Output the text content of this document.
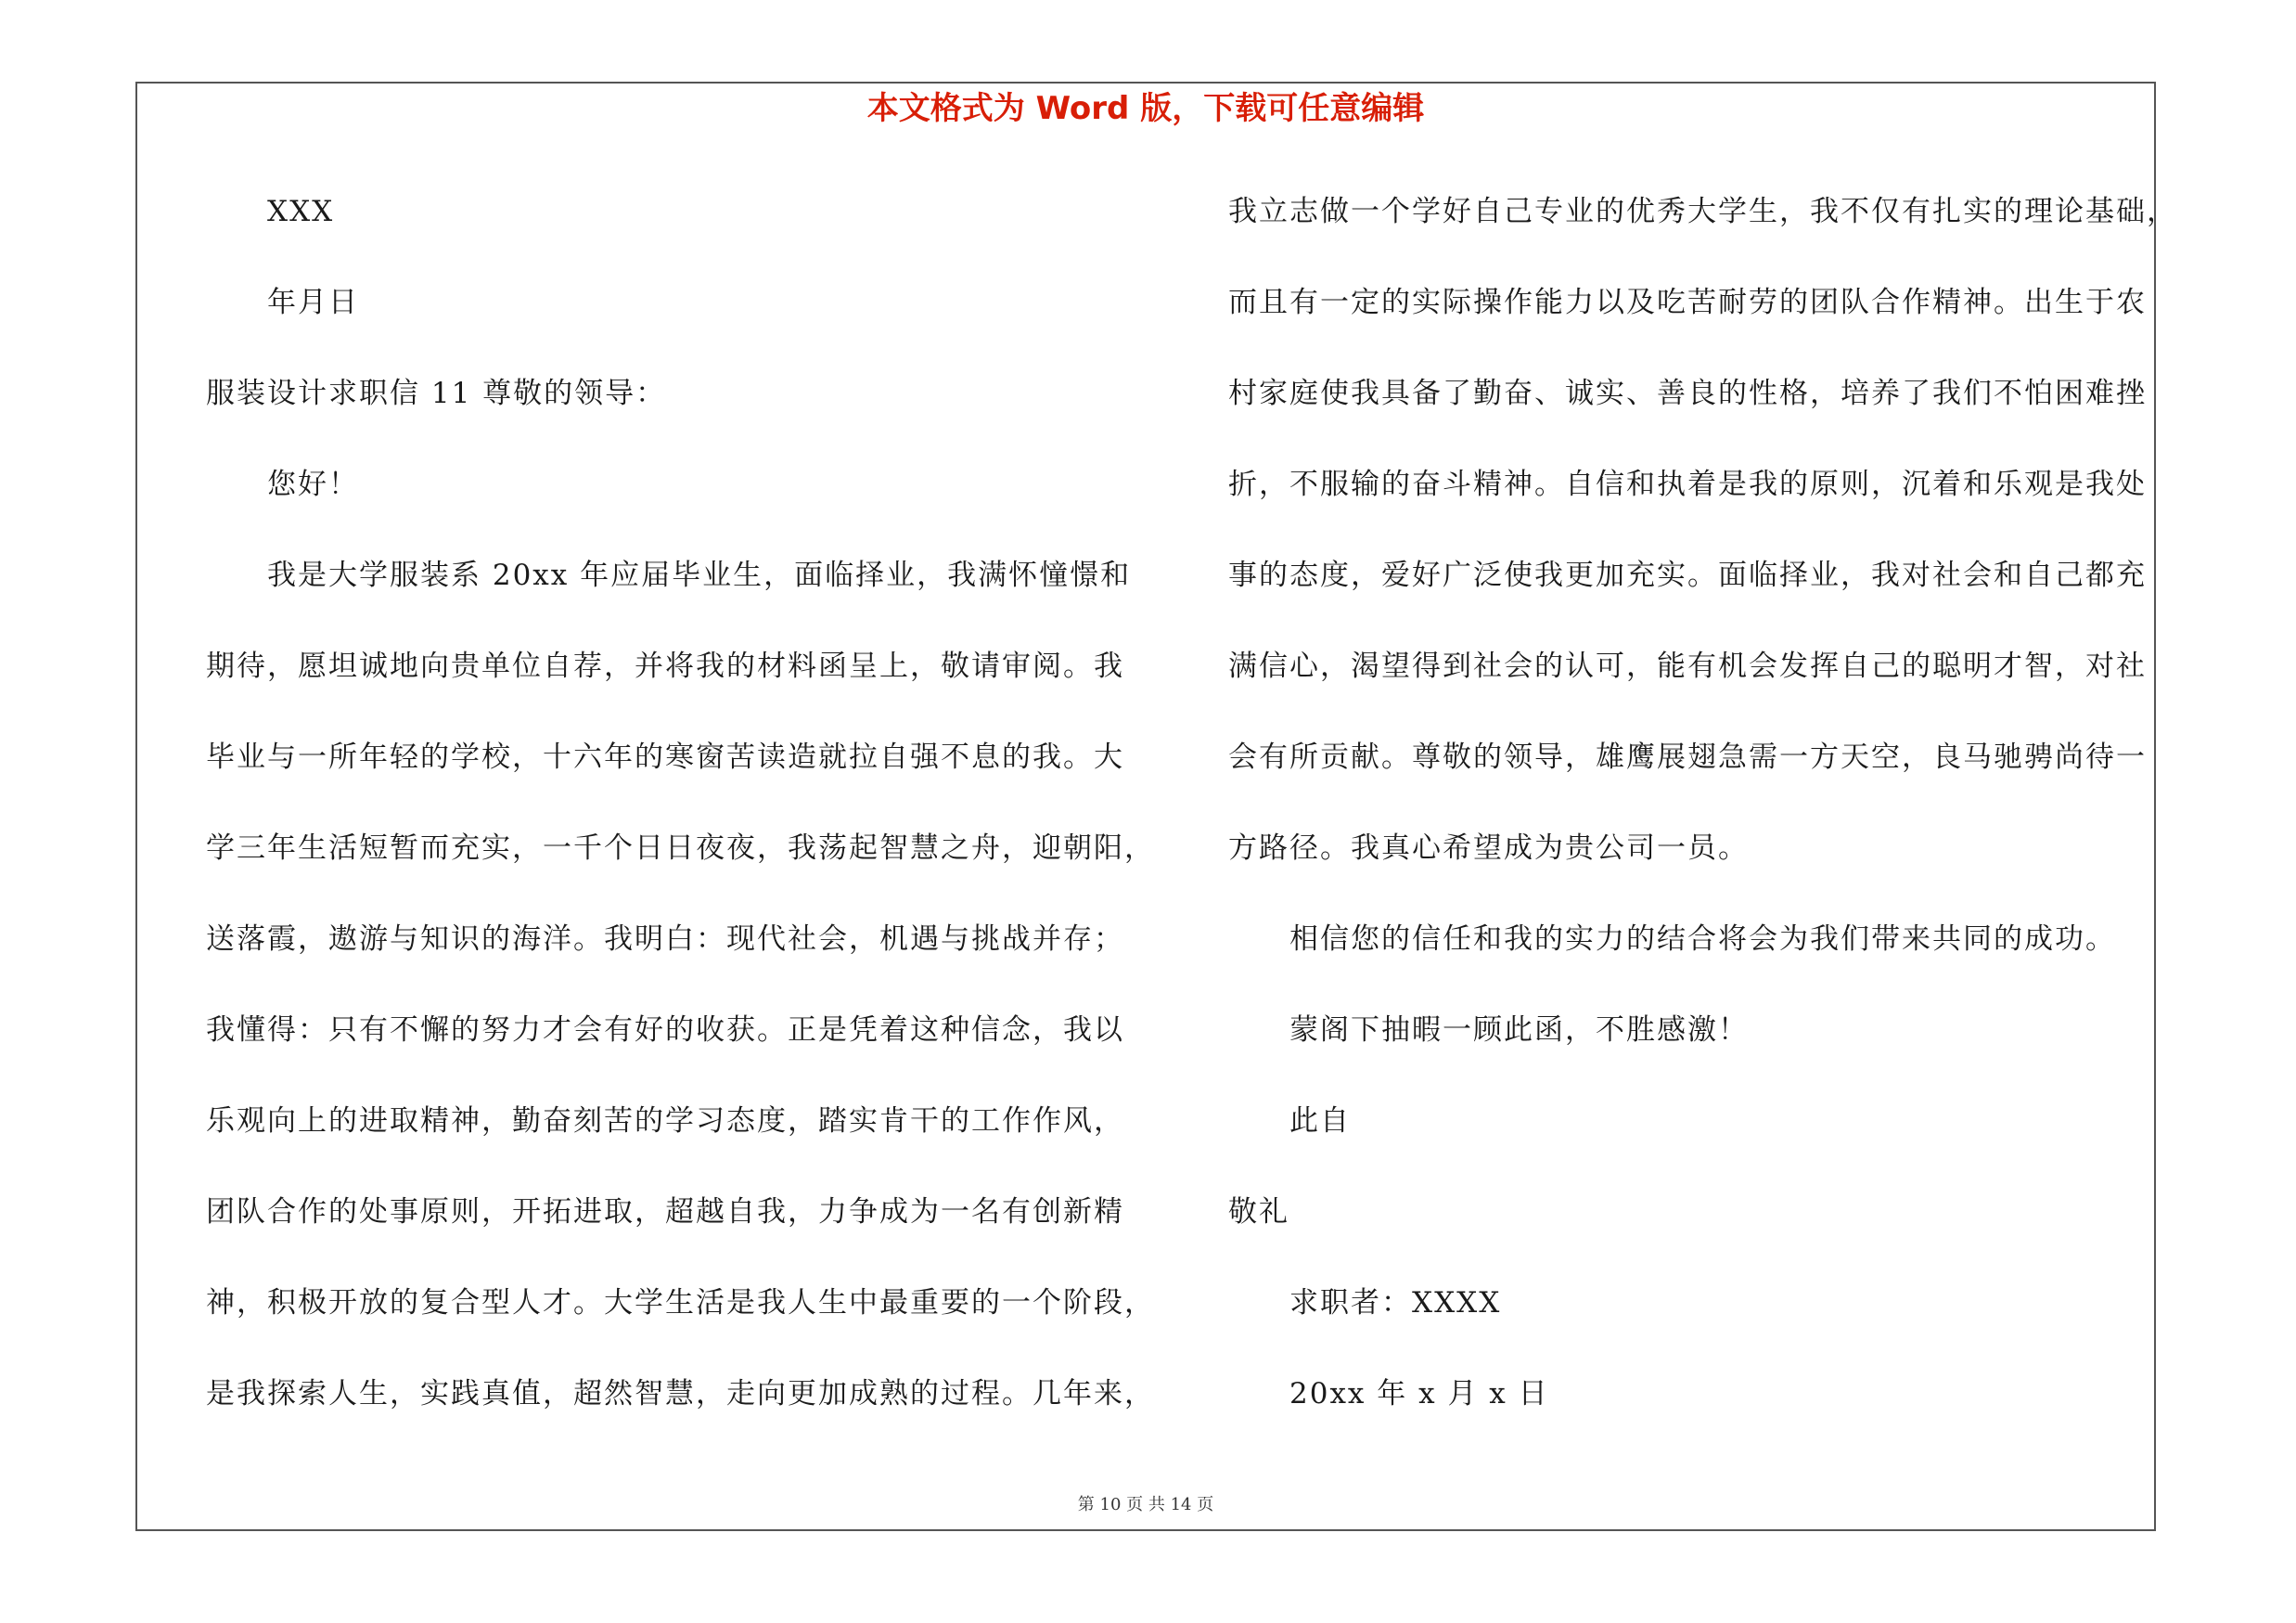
本文格式为 Word 版，下载可任意编辑
XXX
年月日
服装设计求职信 11 尊敬的领导：
您好！
我是大学服装系 20xx 年应届毕业生，面临择业，我满怀憧憬和
期待，愿坦诚地向贵单位自荐，并将我的材料函呈上，敬请审阅。我
毕业与一所年轻的学校，十六年的寒窗苦读造就拉自强不息的我。大
学三年生活短暂而充实，一千个日日夜夜，我荡起智慧之舟，迎朝阳，
送落霞，遨游与知识的海洋。我明白：现代社会，机遇与挑战并存；
我懂得：只有不懈的努力才会有好的收获。正是凭着这种信念，我以
乐观向上的进取精神，勤奋刻苦的学习态度，踏实肯干的工作作风，
团队合作的处事原则，开拓进取，超越自我，力争成为一名有创新精
神，积极开放的复合型人才。大学生活是我人生中最重要的一个阶段，
是我探索人生，实践真值，超然智慧，走向更加成熟的过程。几年来，
我立志做一个学好自己专业的优秀大学生，我不仅有扎实的理论基础，
而且有一定的实际操作能力以及吃苦耐劳的团队合作精神。出生于农
村家庭使我具备了勤奋、诚实、善良的性格，培养了我们不怕困难挫
折，不服输的奋斗精神。自信和执着是我的原则，沉着和乐观是我处
事的态度，爱好广泛使我更加充实。面临择业，我对社会和自己都充
满信心，渴望得到社会的认可，能有机会发挥自己的聪明才智，对社
会有所贡献。尊敬的领导，雄鹰展翅急需一方天空，良马驰骋尚待一
方路径。我真心希望成为贵公司一员。
相信您的信任和我的实力的结合将会为我们带来共同的成功。
蒙阁下抽暇一顾此函，不胜感激！
此自
敬礼
求职者：XXXX
20xx 年 x 月 x 日
第 10 页 共 14 页
